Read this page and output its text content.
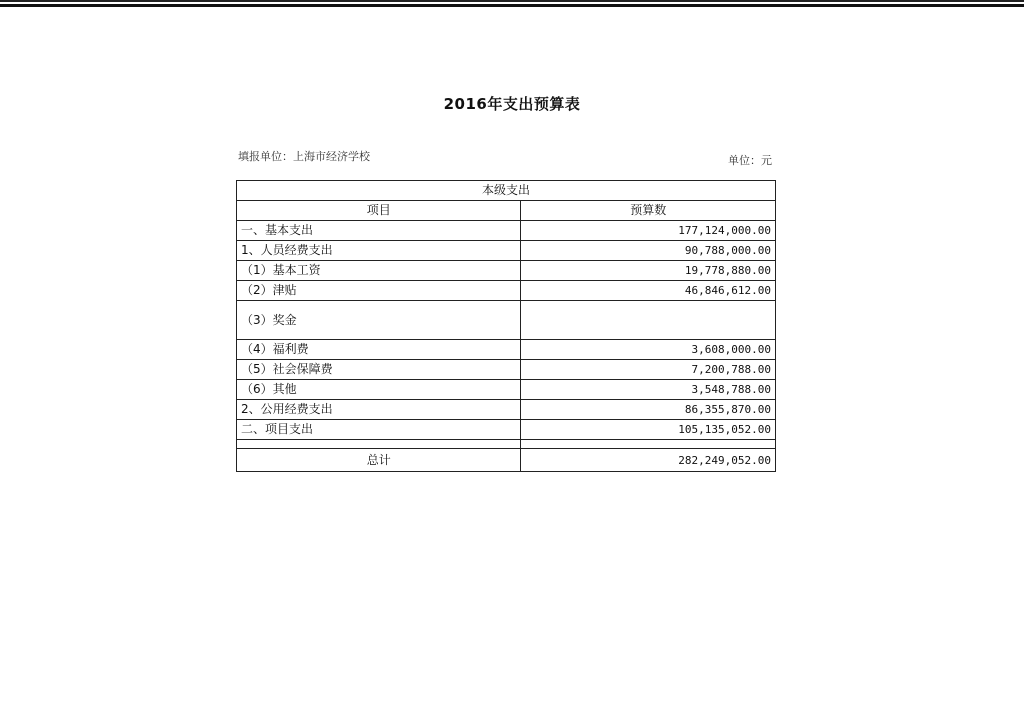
2016年支出预算表
填报单位：上海市经济学校	单位：元
本级支出	
项目	预算数
一、基本支出	177,124,000.00
1、人员经费支出	90,788,000.00
（1）基本工资	19,778,880.00
（2）津贴	46,846,612.00
（3）奖金	
（4）福利费	3,608,000.00
（5）社会保障费	7,200,788.00
（6）其他	3,548,788.00
2、公用经费支出	86,355,870.00
二、项目支出	105,135,052.00

总计	282,249,052.00
